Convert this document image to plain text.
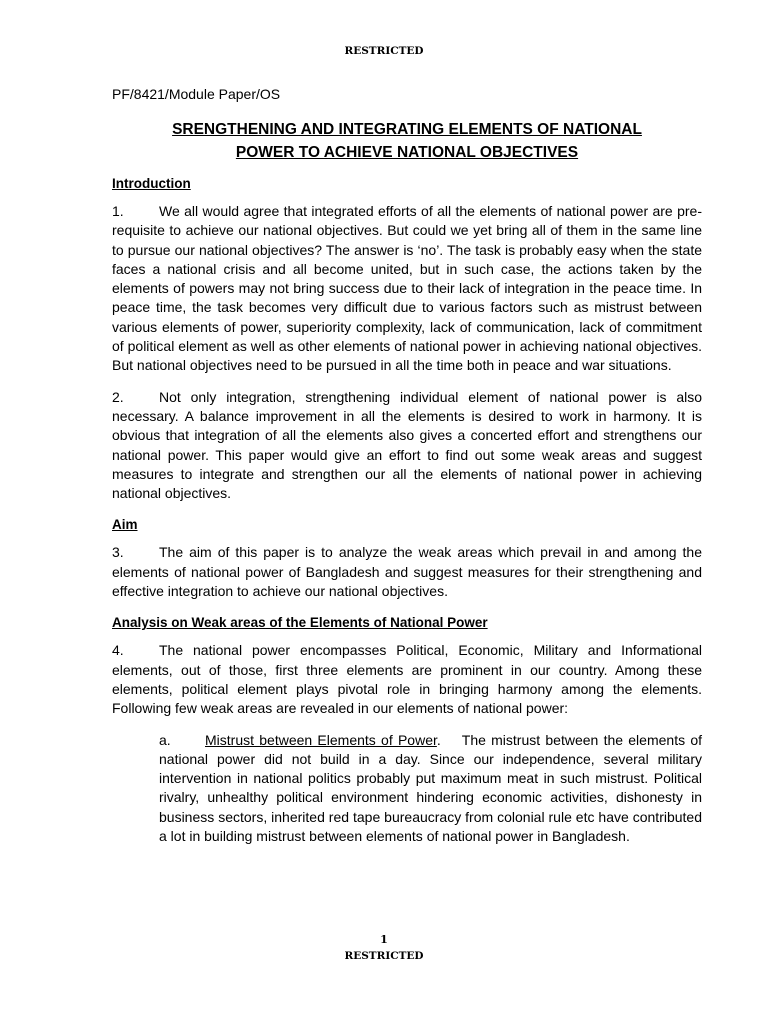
RESTRICTED

PF/8421/Module Paper/OS

SRENGTHENING AND INTEGRATING ELEMENTS OF NATIONAL
POWER TO ACHIEVE NATIONAL OBJECTIVES
Introduction

1.	We all would agree that integrated efforts of all the elements of national power are pre-requisite to achieve our national objectives. But could we yet bring all of them in the same line to pursue our national objectives? The answer is ‘no’. The task is probably easy when the state faces a national crisis and all become united, but in such case, the actions taken by the elements of powers may not bring success due to their lack of integration in the peace time. In peace time, the task becomes very difficult due to various factors such as mistrust between various elements of power, superiority complexity, lack of communication, lack of commitment of political element as well as other elements of national power in achieving national objectives. But national objectives need to be pursued in all the time both in peace and war situations.

2.	Not only integration, strengthening individual element of national power is also necessary. A balance improvement in all the elements is desired to work in harmony. It is obvious that integration of all the elements also gives a concerted effort and strengthens our national power. This paper would give an effort to find out some weak areas and suggest measures to integrate and strengthen our all the elements of national power in achieving national objectives.

Aim

3.	The aim of this paper is to analyze the weak areas which prevail in and among the elements of national power of Bangladesh and suggest measures for their strengthening and effective integration to achieve our national objectives.

Analysis on Weak areas of the Elements of National Power

4.	The national power encompasses Political, Economic, Military and Informational elements, out of those, first three elements are prominent in our country. Among these elements, political element plays pivotal role in bringing harmony among the elements. Following few weak areas are revealed in our elements of national power:

a. Mistrust between Elements of Power. The mistrust between the elements of national power did not build in a day. Since our independence, several military intervention in national politics probably put maximum meat in such mistrust. Political rivalry, unhealthy political environment hindering economic activities, dishonesty in business sectors, inherited red tape bureaucracy from colonial rule etc have contributed a lot in building mistrust between elements of national power in Bangladesh.

1
RESTRICTED
